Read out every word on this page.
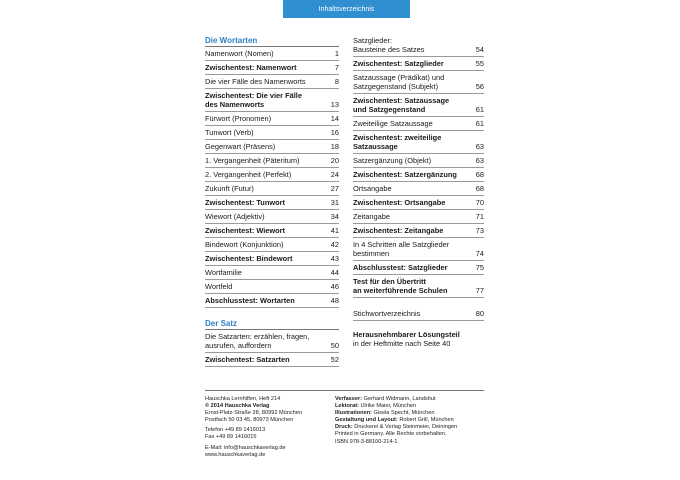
Inhaltsverzeichnis
Die Wortarten
Namenwort (Nomen)	1
Zwischentest: Namenwort	7
Die vier Fälle des Namenworts	8
Zwischentest: Die vier Fälle
des Namenworts	13
Fürwort (Pronomen)	14
Tunwort (Verb)	16
Gegenwart (Präsens)	18
1. Vergangenheit (Päteritum)	20
2. Vergangenheit (Perfekt)	24
Zukunft (Futur)	27
Zwischentest: Tunwort	31
Wiewort (Adjektiv)	34
Zwischentest: Wiewort	41
Bindewort (Konjunktion)	42
Zwischentest: Bindewort	43
Wortfamilie	44
Wortfeld	46
Abschlusstest: Wortarten	48
Der Satz
Die Satzarten: erzählen, fragen,
ausrufen, auffordern	50
Zwischentest: Satzarten	52
Satzglieder:
Bausteine des Satzes	54
Zwischentest: Satzglieder	55
Satzaussage (Prädikat) und
Satzgegenstand (Subjekt)	56
Zwischentest: Satzaussage
und Satzgegenstand	61
Zweiteilige Satzaussage	61
Zwischentest: zweiteilige
Satzaussage	63
Satzergänzung (Objekt)	63
Zwischentest: Satzergänzung	68
Ortsangabe	68
Zwischentest: Ortsangabe	70
Zeitangabe	71
Zwischentest: Zeitangabe	73
In 4 Schritten alle Satzglieder
bestimmen	74
Abschlusstest: Satzglieder	75
Test für den Übertritt
an weiterführende Schulen	77
Stichwortverzeichnis	80
Herausnehmbarer Lösungsteil
in der Heftmitte nach Seite 40
Hauschka Lernhilfen, Heft 214
© 2014 Hauschka Verlag
Ernst-Platz-Straße 28, 80992 München
Postfach 50 03 45, 80973 München
Telefon +49 89 1416013
Fax +49 89 1416015
E-Mail: info@hauschkaverlag.de
www.hauschkaverlag.de
Verfasser: Gerhard Widmann, Landshut
Lektorat: Ulrike Maier, München
Illustrationen: Gisela Specht, München
Gestaltung und Layout: Robert Grill, München
Druck: Druckerei & Verlag Steinmeier, Deiningen
Printed in Germany. Alle Rechte vorbehalten.
ISBN 978-3-88100-214-1
